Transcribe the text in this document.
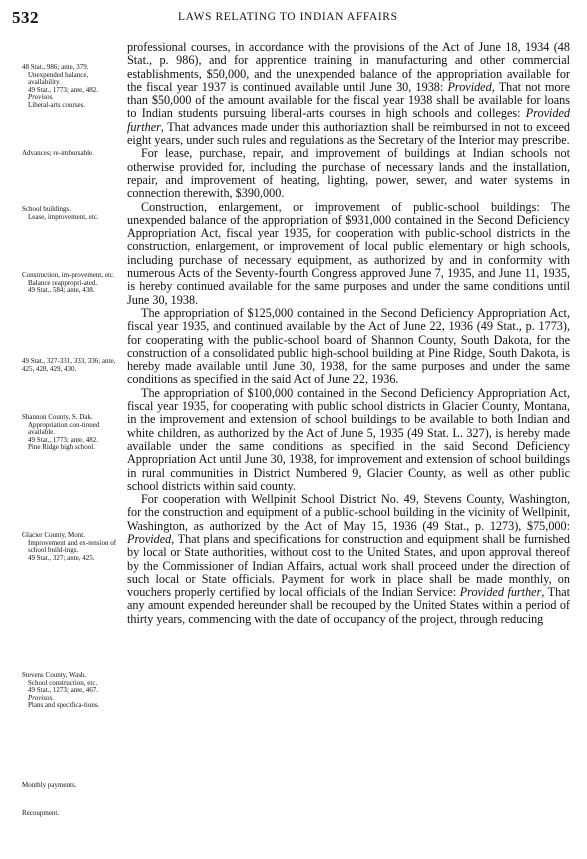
532	LAWS RELATING TO INDIAN AFFAIRS
48 Stat., 986; ante, 379.
Unexpended balance, availability.
49 Stat., 1773; ante, 482.
Provisos.
Liberal-arts courses.
Advances; re-imbursable.
School buildings.
Lease, improvement, etc.
Construction, im-provement, etc.
Balance reappropri-ated.
49 Stat., 584; ante, 438.
49 Stat., 327-331, 333, 336; ante, 425, 428, 429, 430.
Shannon County, S. Dak.
Appropriation con-tinued available.
49 Stat., 1773; ante, 482.
Pine Ridge high school.
Glacier County, Mont.
Improvement and ex-tension of school build-ings.
49 Stat., 327; ante, 425.
Stevens County, Wash.
School construction, etc.
49 Stat., 1273; ante, 467.
Provisos.
Plans and specifica-tions.
Monthly payments.
Recoupment.

professional courses, in accordance with the provisions of the Act of June 18, 1934 (48 Stat., p. 986), and for apprentice training in manufacturing and other commercial establishments, $50,000, and the unexpended balance of the appropriation available for the fiscal year 1937 is continued available until June 30, 1938: Provided, That not more than $50,000 of the amount available for the fiscal year 1938 shall be available for loans to Indian students pursuing liberal-arts courses in high schools and colleges: Provided further, That advances made under this authoriaztion shall be reimbursed in not to exceed eight years, under such rules and regulations as the Secretary of the Interior may prescribe.

For lease, purchase, repair, and improvement of buildings at Indian schools not otherwise provided for, including the purchase of necessary lands and the installation, repair, and improvement of heating, lighting, power, sewer, and water systems in connection therewith, $390,000.

Construction, enlargement, or improvement of public-school buildings: The unexpended balance of the appropriation of $931,000 contained in the Second Deficiency Appropriation Act, fiscal year 1935, for cooperation with public-school districts in the construction, enlargement, or improvement of local public elementary or high schools, including purchase of necessary equipment, as authorized by and in conformity with numerous Acts of the Seventy-fourth Congress approved June 7, 1935, and June 11, 1935, is hereby continued available for the same purposes and under the same conditions until June 30, 1938.

The appropriation of $125,000 contained in the Second Deficiency Appropriation Act, fiscal year 1935, and continued available by the Act of June 22, 1936 (49 Stat., p. 1773), for cooperating with the public-school board of Shannon County, South Dakota, for the construction of a consolidated public high-school building at Pine Ridge, South Dakota, is hereby made available until June 30, 1938, for the same purposes and under the same conditions as specified in the said Act of June 22, 1936.

The appropriation of $100,000 contained in the Second Deficiency Appropriation Act, fiscal year 1935, for cooperating with public school districts in Glacier County, Montana, in the improvement and extension of school buildings to be available to both Indian and white children, as authorized by the Act of June 5, 1935 (49 Stat. L. 327), is hereby made available under the same conditions as specified in the said Second Deficiency Appropriation Act until June 30, 1938, for improvement and extension of school buildings in rural communities in District Numbered 9, Glacier County, as well as other public school districts within said county.

For cooperation with Wellpinit School District No. 49, Stevens County, Washington, for the construction and equipment of a public-school building in the vicinity of Wellpinit, Washington, as authorized by the Act of May 15, 1936 (49 Stat., p. 1273), $75,000: Provided, That plans and specifications for construction and equipment shall be furnished by local or State authorities, without cost to the United States, and upon approval thereof by the Commissioner of Indian Affairs, actual work shall proceed under the direction of such local or State officials. Payment for work in place shall be made monthly, on vouchers properly certified by local officials of the Indian Service: Provided further, That any amount expended hereunder shall be recouped by the United States within a period of thirty years, commencing with the date of occupancy of the project, through reducing
